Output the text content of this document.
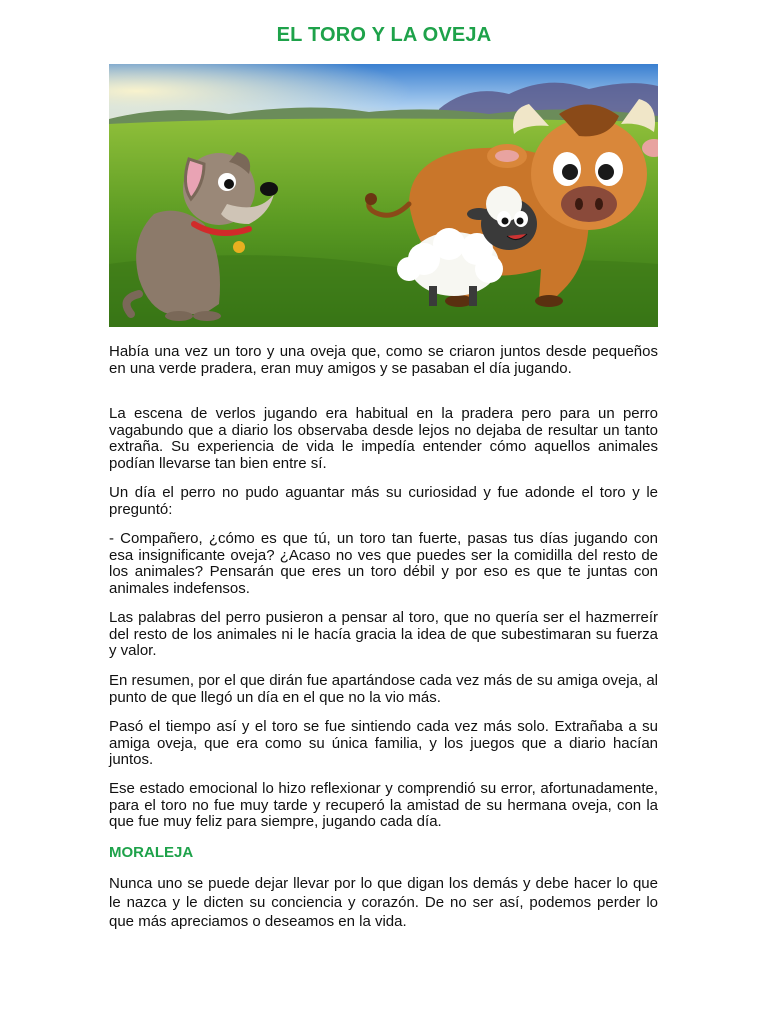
EL TORO Y LA OVEJA
Había una vez un toro y una oveja que, como se criaron juntos desde pequeños en una verde pradera, eran muy amigos y se pasaban el día jugando.
La escena de verlos jugando era habitual en la pradera pero para un perro vagabundo que a diario los observaba desde lejos no dejaba de resultar un tanto extraña. Su experiencia de vida le impedía entender cómo aquellos animales podían llevarse tan bien entre sí.
Un día el perro no pudo aguantar más su curiosidad y fue adonde el toro y le preguntó:
- Compañero, ¿cómo es que tú, un toro tan fuerte, pasas tus días jugando con esa insignificante oveja? ¿Acaso no ves que puedes ser la comidilla del resto de los animales? Pensarán que eres un toro débil y por eso es que te juntas con animales indefensos.
Las palabras del perro pusieron a pensar al toro, que no quería ser el hazmerreír del resto de los animales ni le hacía gracia la idea de que subestimaran su fuerza y valor.
En resumen, por el que dirán fue apartándose cada vez más de su amiga oveja, al punto de que llegó un día en el que no la vio más.
Pasó el tiempo así y el toro se fue sintiendo cada vez más solo. Extrañaba a su amiga oveja, que era como su única familia, y los juegos que a diario hacían juntos.
Ese estado emocional lo hizo reflexionar y comprendió su error, afortunadamente, para el toro no fue muy tarde y recuperó la amistad de su hermana oveja, con la que fue muy feliz para siempre, jugando cada día.
MORALEJA
Nunca uno se puede dejar llevar por lo que digan los demás y debe hacer lo que le nazca y le dicten su conciencia y corazón. De no ser así, podemos perder lo que más apreciamos o deseamos en la vida.
